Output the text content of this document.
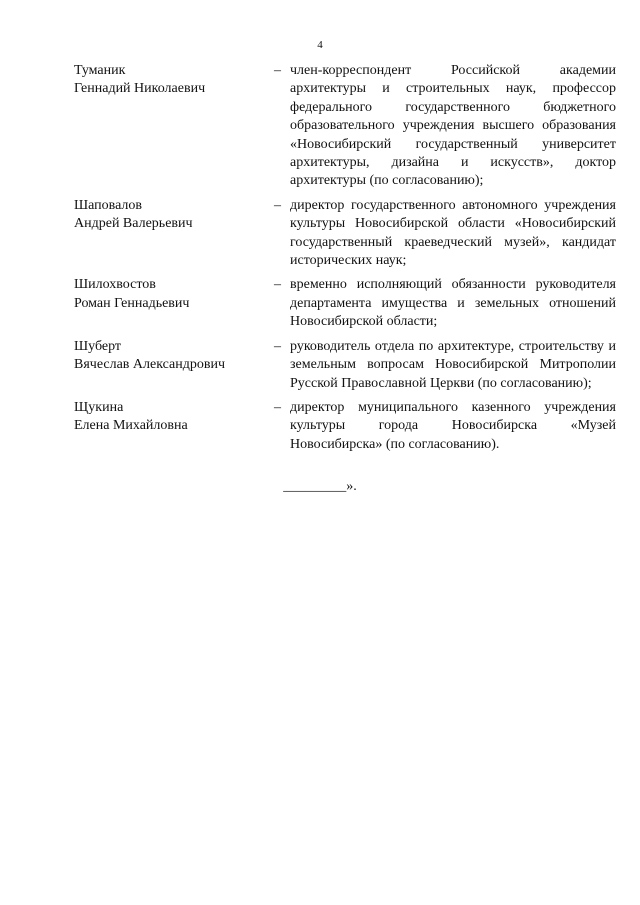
4
Туманик
Геннадий Николаевич
– член-корреспондент Российской академии архитектуры и строительных наук, профессор федерального государственного бюджетного образовательного учреждения высшего образования «Новосибирский государственный университет архитектуры, дизайна и искусств», доктор архитектуры (по согласованию);
Шаповалов
Андрей Валерьевич
– директор государственного автономного учреждения культуры Новосибирской области «Новосибирский государственный краеведческий музей», кандидат исторических наук;
Шилохвостов
Роман Геннадьевич
– временно исполняющий обязанности руководителя департамента имущества и земельных отношений Новосибирской области;
Шуберт
Вячеслав Александрович
– руководитель отдела по архитектуре, строительству и земельным вопросам Новосибирской Митрополии Русской Православной Церкви (по согласованию);
Щукина
Елена Михайловна
– директор муниципального казенного учреждения культуры города Новосибирска «Музей Новосибирска» (по согласованию).
_________».
